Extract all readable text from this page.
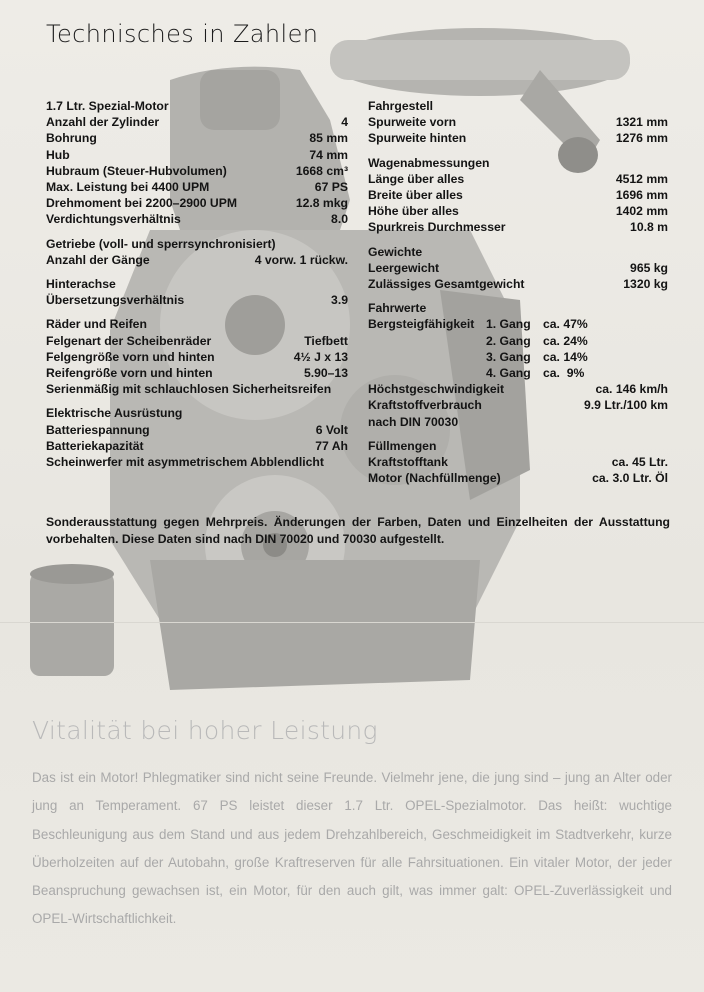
Technisches in Zahlen

1.7 Ltr. Spezial-Motor

Anzahl der Zylinder	4
Bohrung	85 mm
Hub	74 mm
Hubraum (Steuer-Hubvolumen)	1668 cm³
Max. Leistung bei 4400 UPM	67 PS
Drehmoment bei 2200–2900 UPM	12.8 mkg
Verdichtungsverhältnis	8.0

Getriebe (voll- und sperrsynchronisiert)

Anzahl der Gänge	4 vorw. 1 rückw.

Hinterachse

Übersetzungsverhältnis	3.9

Räder und Reifen

Felgenart der Scheibenräder	Tiefbett
Felgengröße vorn und hinten	4½ J x 13
Reifengröße vorn und hinten	5.90–13
Serienmäßig mit schlauchlosen Sicherheitsreifen

Elektrische Ausrüstung

Batteriespannung	6 Volt
Batteriekapazität	77 Ah
Scheinwerfer mit asymmetrischem Abblendlicht

Fahrgestell

Spurweite vorn	1321 mm
Spurweite hinten	1276 mm

Wagenabmessungen

Länge über alles	4512 mm
Breite über alles	1696 mm
Höhe über alles	1402 mm
Spurkreis Durchmesser	10.8 m

Gewichte

Leergewicht	965 kg
Zulässiges Gesamtgewicht	1320 kg

Fahrwerte

Bergsteigfähigkeit 1. Gang	ca. 47%
2. Gang	ca. 24%
3. Gang	ca. 14%
4. Gang	ca.  9%
Höchstgeschwindigkeit	ca. 146 km/h
Kraftstoffverbrauch	9.9 Ltr./100 km
nach DIN 70030

Füllmengen

Kraftstofftank	ca. 45 Ltr.
Motor (Nachfüllmenge)	ca. 3.0 Ltr. Öl

Sonderausstattung gegen Mehrpreis. Änderungen der Farben, Daten und Einzelheiten der Ausstattung vorbehalten. Diese Daten sind nach DIN 70020 und 70030 aufgestellt.

Vitalität bei hoher Leistung

Das ist ein Motor! Phlegmatiker sind nicht seine Freunde. Vielmehr jene, die jung sind – jung an Alter oder jung an Temperament. 67 PS leistet dieser 1.7 Ltr. OPEL-Spezialmotor. Das heißt: wuchtige Beschleunigung aus dem Stand und aus jedem Drehzahlbereich, Geschmeidigkeit im Stadtverkehr, kurze Überholzeiten auf der Autobahn, große Kraftreserven für alle Fahrsituationen. Ein vitaler Motor, der jeder Beanspruchung gewachsen ist, ein Motor, für den auch gilt, was immer galt: OPEL-Zuverlässigkeit und OPEL-Wirtschaftlichkeit.
